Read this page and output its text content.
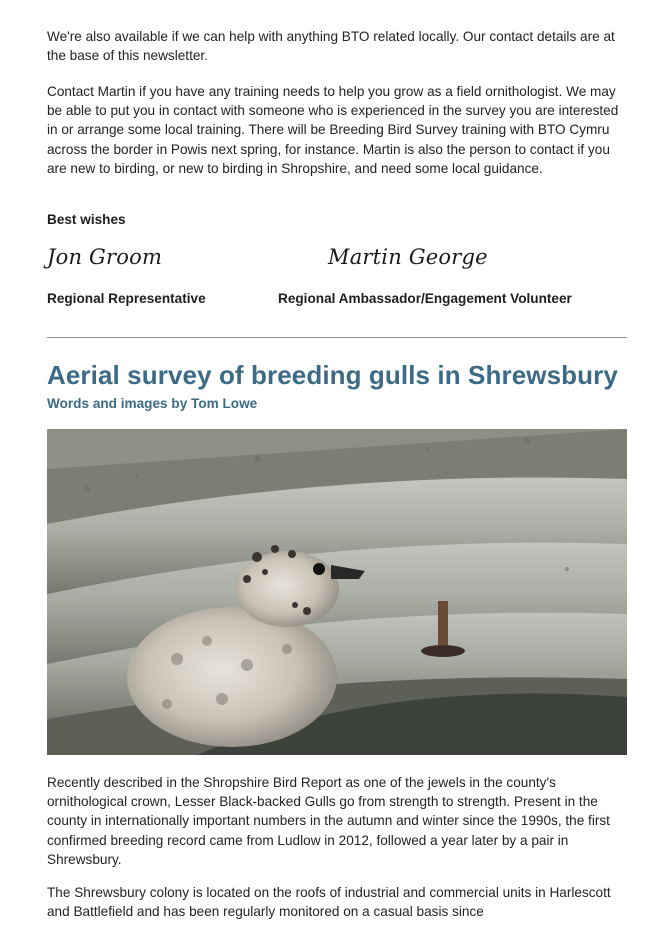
We're also available if we can help with anything BTO related locally. Our contact details are at the base of this newsletter.

Contact Martin if you have any training needs to help you grow as a field ornithologist. We may be able to put you in contact with someone who is experienced in the survey you are interested in or arrange some local training. There will be Breeding Bird Survey training with BTO Cymru across the border in Powis next spring, for instance. Martin is also the person to contact if you are new to birding, or new to birding in Shropshire, and need some local guidance.

Best wishes
Jon Groom	Martin George
Regional Representative	Regional Ambassador/Engagement Volunteer
Aerial survey of breeding gulls in Shrewsbury
Words and images by Tom Lowe

Recently described in the Shropshire Bird Report as one of the jewels in the county's ornithological crown, Lesser Black-backed Gulls go from strength to strength. Present in the county in internationally important numbers in the autumn and winter since the 1990s, the first confirmed breeding record came from Ludlow in 2012, followed a year later by a pair in Shrewsbury.

The Shrewsbury colony is located on the roofs of industrial and commercial units in Harlescott and Battlefield and has been regularly monitored on a casual basis since
